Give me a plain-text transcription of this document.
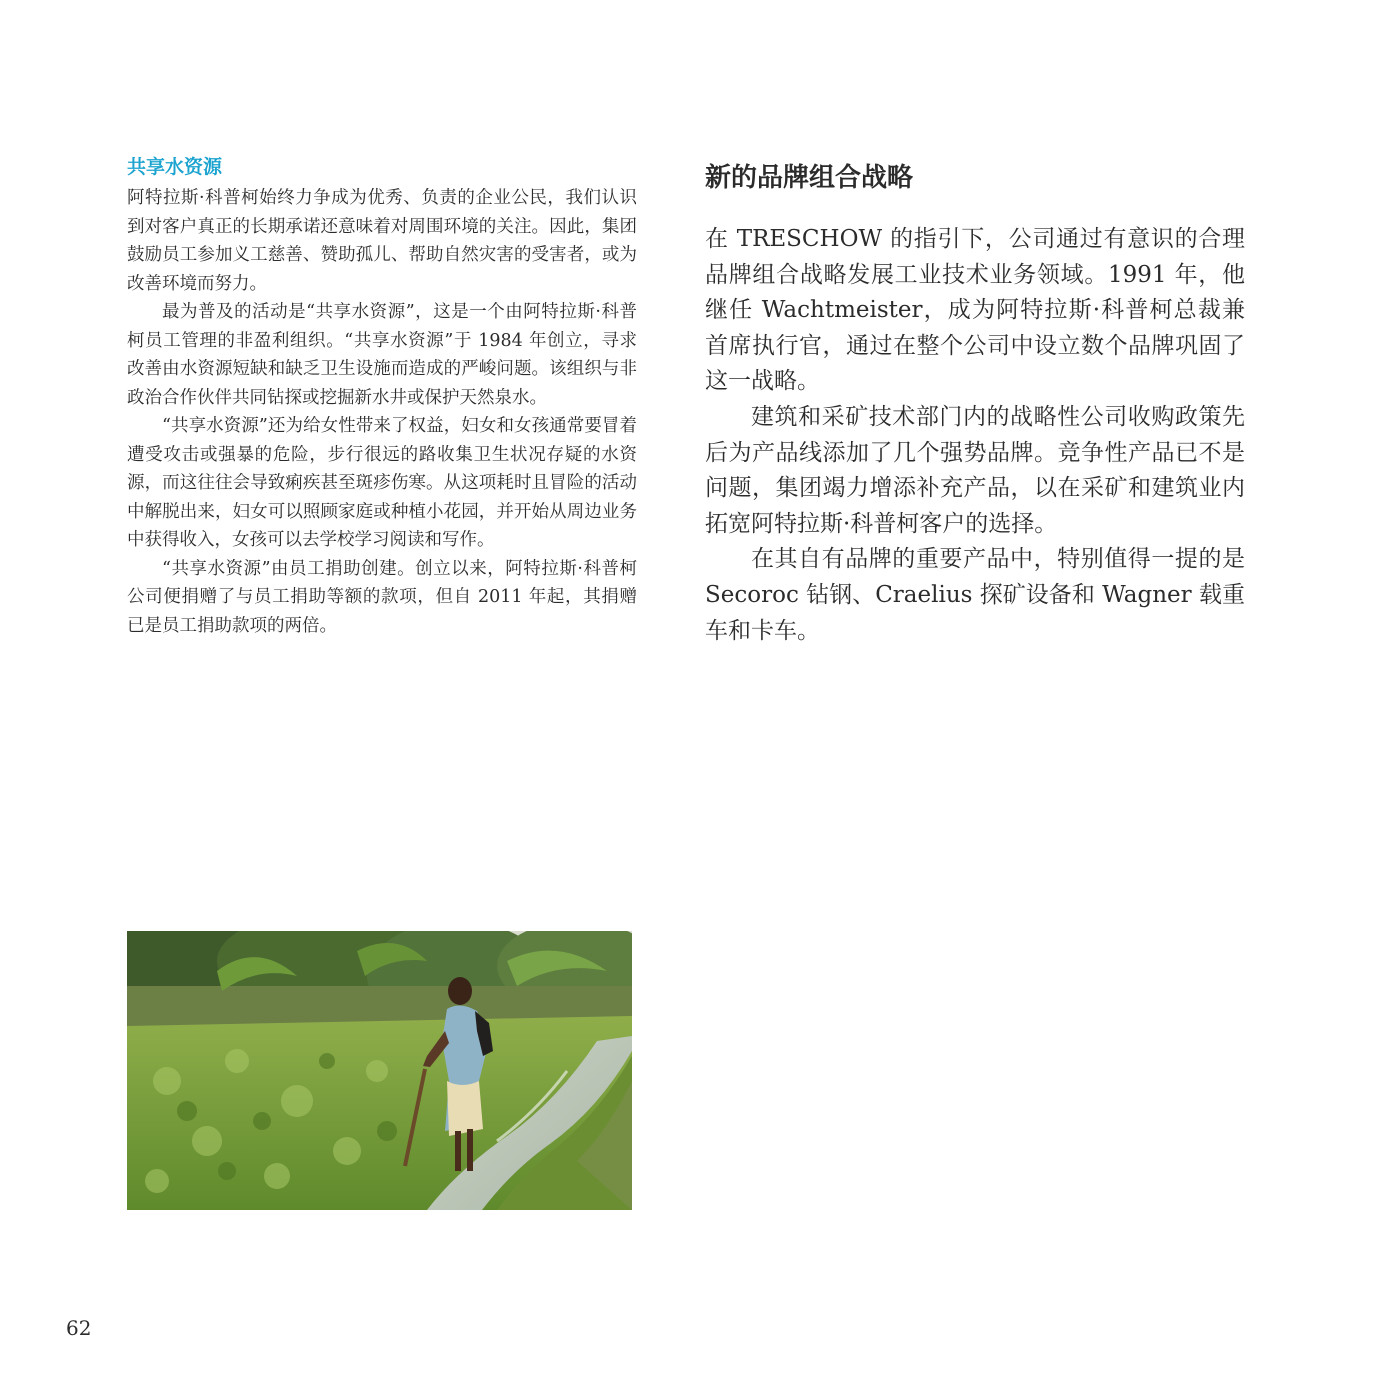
共享水资源

阿特拉斯·科普柯始终力争成为优秀、负责的企业公民，我们认识到对客户真正的长期承诺还意味着对周围环境的关注。因此，集团鼓励员工参加义工慈善、赞助孤儿、帮助自然灾害的受害者，或为改善环境而努力。

最为普及的活动是“共享水资源”，这是一个由阿特拉斯·科普柯员工管理的非盈利组织。“共享水资源”于 1984 年创立，寻求改善由水资源短缺和缺乏卫生设施而造成的严峻问题。该组织与非政治合作伙伴共同钻探或挖掘新水井或保护天然泉水。

“共享水资源”还为给女性带来了权益，妇女和女孩通常要冒着遭受攻击或强暴的危险，步行很远的路收集卫生状况存疑的水资源，而这往往会导致痢疾甚至斑疹伤寒。从这项耗时且冒险的活动中解脱出来，妇女可以照顾家庭或种植小花园，并开始从周边业务中获得收入，女孩可以去学校学习阅读和写作。

“共享水资源”由员工捐助创建。创立以来，阿特拉斯·科普柯公司便捐赠了与员工捐助等额的款项，但自 2011 年起，其捐赠已是员工捐助款项的两倍。

新的品牌组合战略

在 TRESCHOW 的指引下，公司通过有意识的合理品牌组合战略发展工业技术业务领域。1991 年，他继任 Wachtmeister，成为阿特拉斯·科普柯总裁兼首席执行官，通过在整个公司中设立数个品牌巩固了这一战略。

建筑和采矿技术部门内的战略性公司收购政策先后为产品线添加了几个强势品牌。竞争性产品已不是问题，集团竭力增添补充产品，以在采矿和建筑业内拓宽阿特拉斯·科普柯客户的选择。

在其自有品牌的重要产品中，特别值得一提的是 Secoroc 钻钢、Craelius 探矿设备和 Wagner 载重车和卡车。

62
